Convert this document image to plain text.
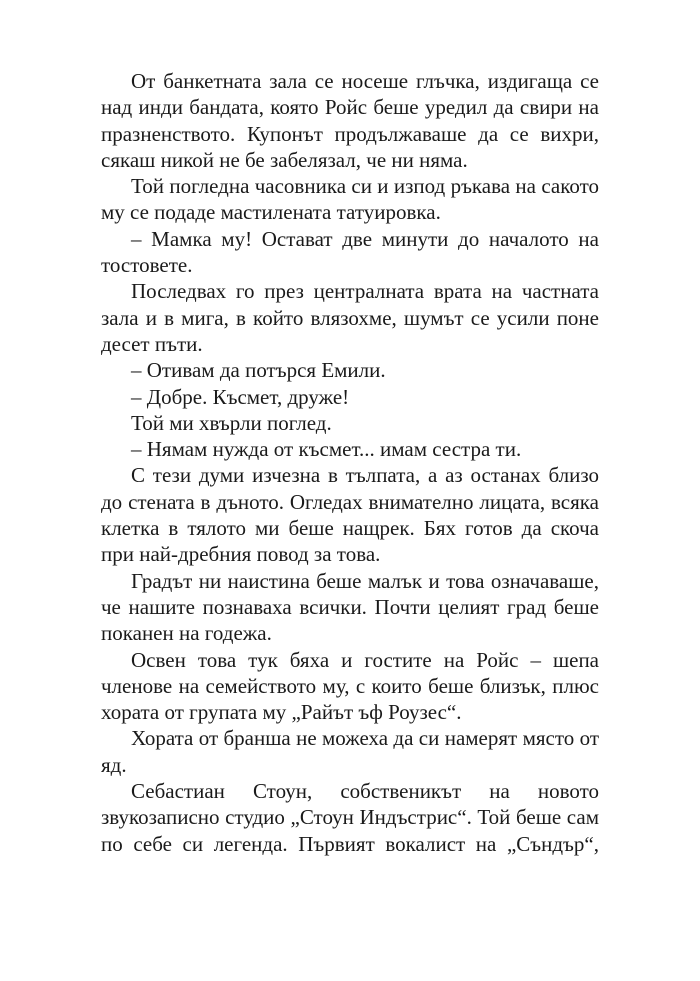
От банкетната зала се носеше глъчка, издигаща се над инди бандата, която Ройс беше уредил да свири на празненството. Купонът продължаваше да се вихри, сякаш никой не бе забелязал, че ни няма.

Той погледна часовника си и изпод ръкава на сакото му се подаде мастилената татуировка.

– Мамка му! Остават две минути до началото на тостовете.

Последвах го през централната врата на частната зала и в мига, в който влязохме, шумът се усили поне десет пъти.

– Отивам да потърся Емили.

– Добре. Късмет, друже!

Той ми хвърли поглед.

– Нямам нужда от късмет... имам сестра ти.

С тези думи изчезна в тълпата, а аз останах близо до стената в дъното. Огледах внимателно лицата, всяка клетка в тялото ми беше нащрек. Бях готов да скоча при най-дребния повод за това.

Градът ни наистина беше малък и това означаваше, че нашите познаваха всички. Почти целият град беше поканен на годежа.

Освен това тук бяха и гостите на Ройс – шепа членове на семейството му, с които беше близък, плюс хората от групата му „Райът ъф Роузес“.

Хората от бранша не можеха да си намерят място от яд.

Себастиан Стоун, собственикът на новото звукозаписно студио „Стоун Индъстрис“. Той беше сам по себе си легенда. Първият вокалист на „Съндър“,
